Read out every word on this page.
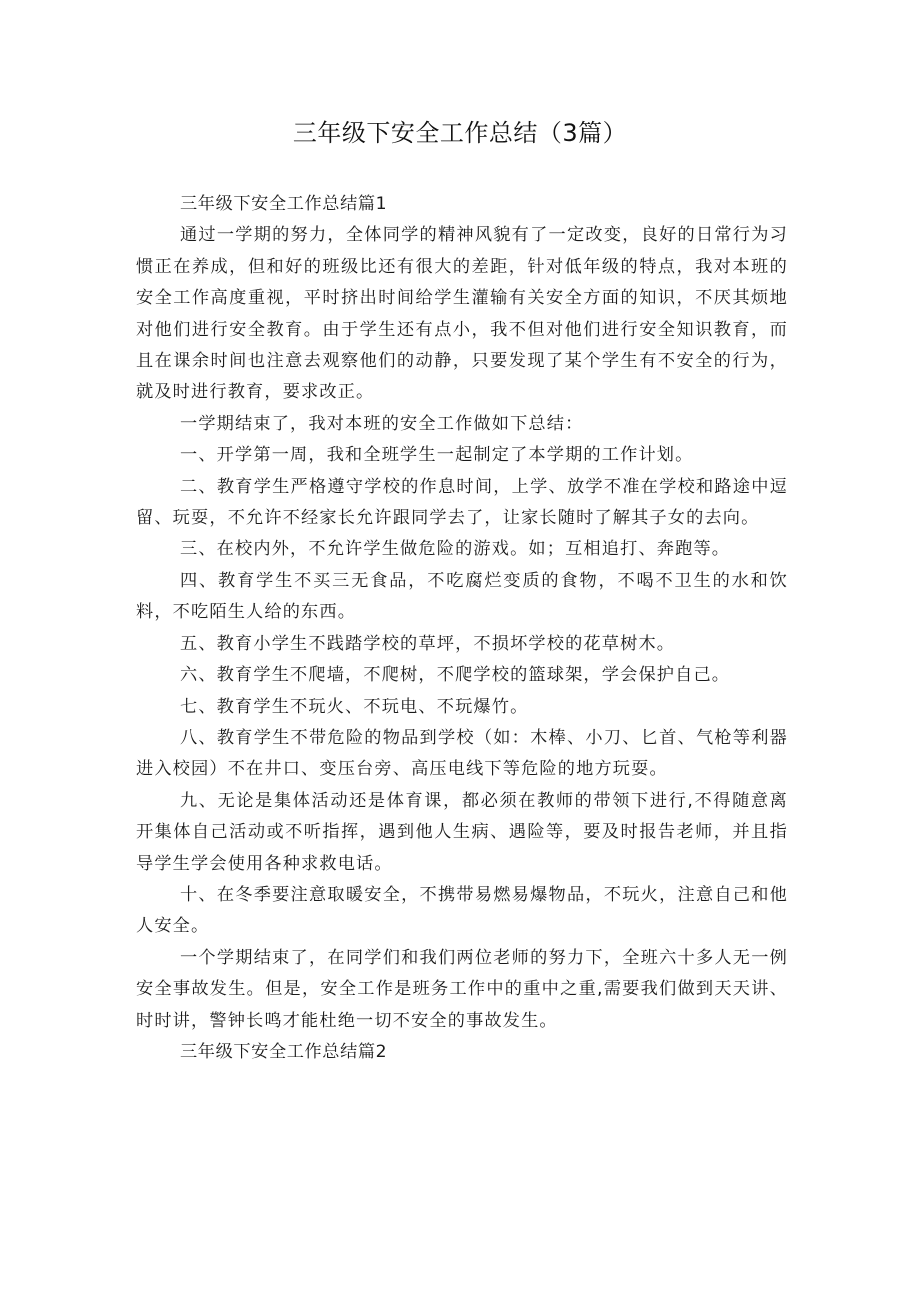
三年级下安全工作总结（3篇）

三年级下安全工作总结篇1

通过一学期的努力，全体同学的精神风貌有了一定改变，良好的日常行为习惯正在养成，但和好的班级比还有很大的差距，针对低年级的特点，我对本班的安全工作高度重视，平时挤出时间给学生灌输有关安全方面的知识，不厌其烦地对他们进行安全教育。由于学生还有点小，我不但对他们进行安全知识教育，而且在课余时间也注意去观察他们的动静，只要发现了某个学生有不安全的行为，就及时进行教育，要求改正。

一学期结束了，我对本班的安全工作做如下总结：

一、开学第一周，我和全班学生一起制定了本学期的工作计划。

二、教育学生严格遵守学校的作息时间，上学、放学不准在学校和路途中逗留、玩耍，不允许不经家长允许跟同学去了，让家长随时了解其子女的去向。

三、在校内外，不允许学生做危险的游戏。如；互相追打、奔跑等。

四、教育学生不买三无食品，不吃腐烂变质的食物，不喝不卫生的水和饮料，不吃陌生人给的东西。

五、教育小学生不践踏学校的草坪，不损坏学校的花草树木。

六、教育学生不爬墙，不爬树，不爬学校的篮球架，学会保护自己。

七、教育学生不玩火、不玩电、不玩爆竹。

八、教育学生不带危险的物品到学校（如：木棒、小刀、匕首、气枪等利器进入校园）不在井口、变压台旁、高压电线下等危险的地方玩耍。

九、无论是集体活动还是体育课，都必须在教师的带领下进行,不得随意离开集体自己活动或不听指挥，遇到他人生病、遇险等，要及时报告老师，并且指导学生学会使用各种求救电话。

十、在冬季要注意取暖安全，不携带易燃易爆物品，不玩火，注意自己和他人安全。

一个学期结束了，在同学们和我们两位老师的努力下，全班六十多人无一例安全事故发生。但是，安全工作是班务工作中的重中之重,需要我们做到天天讲、时时讲，警钟长鸣才能杜绝一切不安全的事故发生。

三年级下安全工作总结篇2
